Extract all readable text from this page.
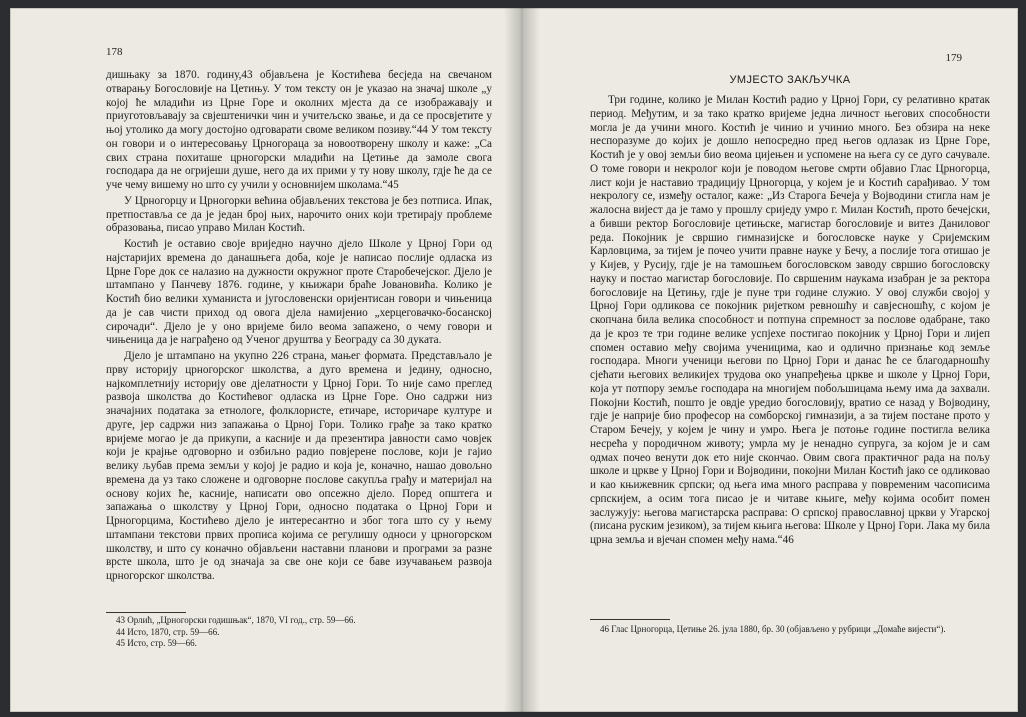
178

дишњаку за 1870. годину,43 објављена је Костићева бесједа на свечаном отварању Богословије на Цетињу. У том тексту он је указао на значај школе „у којој ће младићи из Црне Горе и околних мјеста да се изображавају и приуготовљавају за свјештенички чин и учитељско звање, и да се просвјетите у њој утолико да могу достојно одговарати своме великом позиву.“44 У том тексту он говори и о интересовању Црногораца за новоотворену школу и каже: „Са свих страна похиташе црногорски младићи на Цетиње да замоле свога господара да не огријеши душе, него да их прими у ту нову школу, гдје ће да се уче чему вишему но што су учили у основнијем школама.“45

У Црногорцу и Црногорки већина објављених текстова је без потписа. Ипак, претпоставља се да је један број њих, нарочито оних који третирају проблеме образовања, писао управо Милан Костић.

Костић је оставио своје вриједно научно дјело Школе у Црној Гори од најстаријих времена до данашњега доба, које је написао послије одласка из Црне Горе док се налазио на дужности окружног проте Старобечејског. Дјело је штампано у Панчеву 1876. године, у књижари браће Јовановића. Колико је Костић био велики хуманиста и југословенски оријентисан говори и чињеница да је сав чисти приход од овога дјела намијенио „херцеговачко-босанској сирочади“. Дјело је у оно вријеме било веома запажено, о чему говори и чињеница да је награђено од Ученог друштва у Београду са 30 дуката.

Дјело је штампано на укупно 226 страна, мањег формата. Представљало је прву историју црногорског школства, а дуго времена и једину, односно, најкомплетнију историју ове дјелатности у Црној Гори. То није само преглед развоја школства до Костићевог одласка из Црне Горе. Оно садржи низ значајних података за етнологе, фолклористе, етичаре, историчаре културе и друге, јер садржи низ запажања о Црној Гори. Толико грађе за тако кратко вријеме могао је да прикупи, а касније и да презентира јавности само човјек који је крајње одговорно и озбиљно радио повјерене послове, који је гајио велику љубав према земљи у којој је радио и која је, коначно, нашао довољно времена да уз тако сложене и одговорне послове сакупља грађу и материјал на основу којих ће, касније, написати ово опсежно дјело. Поред општега и запажања о школству у Црној Гори, односно података о Црној Гори и Црногорцима, Костићево дјело је интересантно и због тога што су у њему штампани текстови првих прописа којима се регулишу односи у црногорском школству, и што су коначно објављени наставни планови и програми за разне врсте школа, што је од значаја за све оне који се баве изучавањем развоја црногорског школства.

43 Орлић, „Црногорски годишњак“, 1870, VI год., стр. 59—66.
44 Исто, 1870, стр. 59—66.
45 Исто, стр. 59—66.
179
УМЈЕСТО ЗАКЉУЧКА

Три године, колико је Милан Костић радио у Црној Гори, су релативно кратак период. Међутим, и за тако кратко вријеме једна личност његових способности могла је да учини много. Костић је чинио и учинио много. Без обзира на неке неспоразуме до којих је дошло непосредно пред његов одлазак из Црне Горе, Костић је у овој земљи био веома цијењен и успомене на њега су се дуго сачувале. О томе говори и некролог који је поводом његове смрти објавио Глас Црногорца, лист који је наставио традицију Црногорца, у којем је и Костић сарађивао. У том некрологу се, између осталог, каже: „Из Старога Бечеја у Војводини стигла нам је жалосна вијест да је тамо у прошлу сриједу умро г. Милан Костић, прото бечејски, а бивши ректор Богословије цетињске, магистар богословије и витез Даниловог реда. Покојник је свршио гимназијске и богословске науке у Сријемским Карловцима, за тијем је почео учити правне науке у Бечу, а послије тога отишао је у Кијев, у Русију, гдје је на тамошњем богословском заводу свршио богословску науку и постао магистар богословије. По свршеним наукама изабран је за ректора богословије на Цетињу, гдје је пуне три године служио. У овој служби својој у Црној Гори одликова се покојник ријетком ревношћу и савјесношћу, с којом је скопчана била велика способност и потпуна спремност за послове одабране, тако да је кроз те три године велике успјехе постигао покојник у Црној Гори и лијеп спомен оставио међу својима ученицима, као и одлично признање код земље господара. Многи ученици његови по Црној Гори и данас ће се благодарношћу сјећати његових великијех трудова око унапређења цркве и школе у Црној Гори, која ут потпору земље господара на многијем побољшицама њему има да захвали. Покојни Костић, пошто је овдје уредио богословију, вратио се назад у Војводину, гдје је наприје био професор на сомборској гимназији, а за тијем постане прото у Старом Бечеју, у којем је чину и умро. Њега је потоње године постигла велика несрећа у породичном животу; умрла му је ненадно супруга, за којом је и сам одмах почео венути док ето није скончао. Овим свога практичног рада на пољу школе и цркве у Црној Гори и Војводини, покојни Милан Костић јако се одликовао и као књижевник српски; од њега има много расправа у повременим часописима српскијем, а осим тога писао је и читаве књиге, међу којима особит помен заслужују: његова магистарска расправа: О српској православној цркви у Угарској (писана руским језиком), за тијем књига његова: Школе у Црној Гори. Лака му била црна земља и вјечан спомен међу нама.“46

46 Глас Црногорца, Цетиње 26. јула 1880, бр. 30 (објављено у рубрици „Домаће вијести“).
